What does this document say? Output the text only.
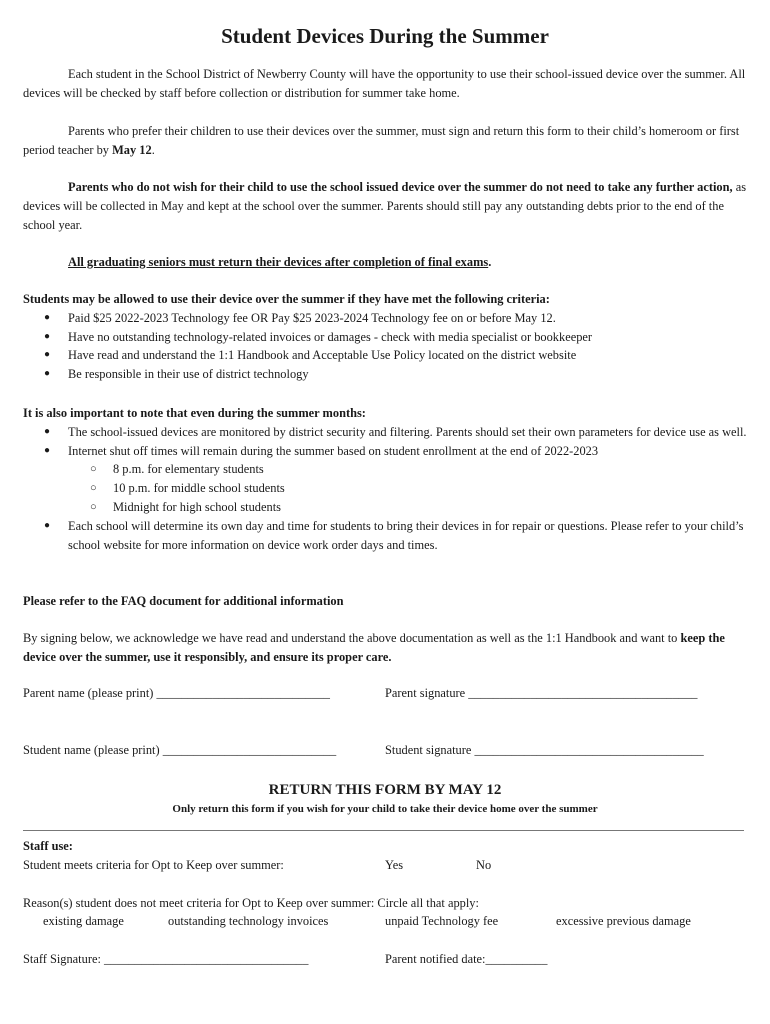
Student Devices During the Summer

Each student in the School District of Newberry County will have the opportunity to use their school-issued device over the summer. All devices will be checked by staff before collection or distribution for summer take home.

Parents who prefer their children to use their devices over the summer, must sign and return this form to their child’s homeroom or first period teacher by May 12.

Parents who do not wish for their child to use the school issued device over the summer do not need to take any further action, as devices will be collected in May and kept at the school over the summer. Parents should still pay any outstanding debts prior to the end of the school year.

All graduating seniors must return their devices after completion of final exams.

Students may be allowed to use their device over the summer if they have met the following criteria:

● Paid $25 2022-2023 Technology fee OR Pay $25 2023-2024 Technology fee on or before May 12.
● Have no outstanding technology-related invoices or damages - check with media specialist or bookkeeper
● Have read and understand the 1:1 Handbook and Acceptable Use Policy located on the district website
● Be responsible in their use of district technology

It is also important to note that even during the summer months:

● The school-issued devices are monitored by district security and filtering. Parents should set their own parameters for device use as well.
● Internet shut off times will remain during the summer based on student enrollment at the end of 2022-2023
○ 8 p.m. for elementary students
○ 10 p.m. for middle school students
○ Midnight for high school students
● Each school will determine its own day and time for students to bring their devices in for repair or questions. Please refer to your child’s school website for more information on device work order days and times.

Please refer to the FAQ document for additional information

By signing below, we acknowledge we have read and understand the above documentation as well as the 1:1 Handbook and want to keep the device over the summer, use it responsibly, and ensure its proper care.

Parent name (please print) ____________________________	Parent signature _____________________________________
Student name (please print) ____________________________	Student signature _____________________________________
RETURN THIS FORM BY MAY 12
Only return this form if you wish for your child to take their device home over the summer
Staff use:
Student meets criteria for Opt to Keep over summer:	Yes	No
Reason(s) student does not meet criteria for Opt to Keep over summer: Circle all that apply:
existing damage	outstanding technology invoices	unpaid Technology fee	excessive previous damage
Staff Signature: _________________________________	Parent notified date:__________
